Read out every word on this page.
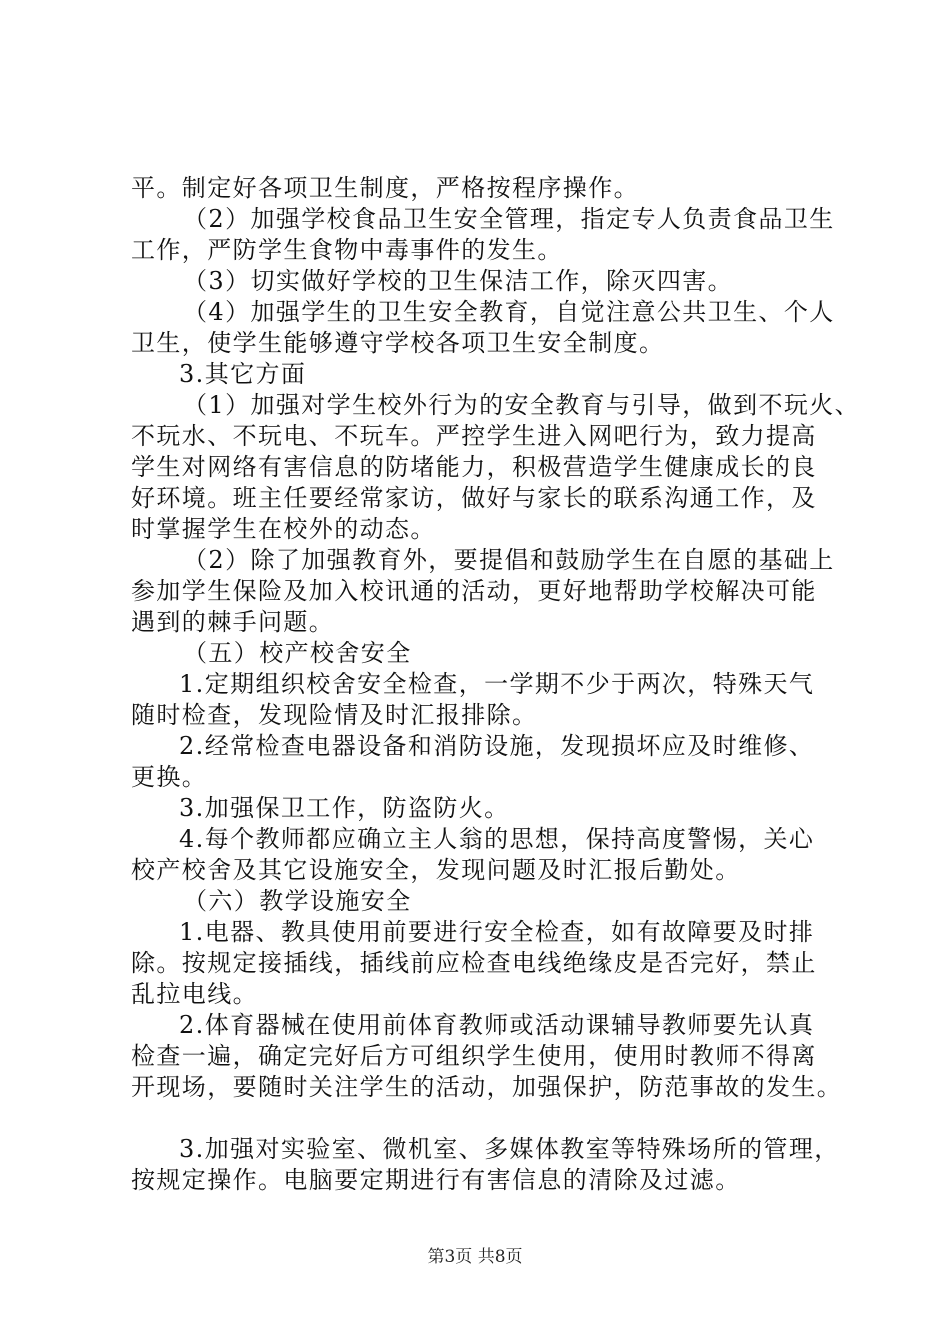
平。制定好各项卫生制度，严格按程序操作。
（2）加强学校食品卫生安全管理，指定专人负责食品卫生
工作，严防学生食物中毒事件的发生。
（3）切实做好学校的卫生保洁工作，除灭四害。
（4）加强学生的卫生安全教育，自觉注意公共卫生、个人
卫生，使学生能够遵守学校各项卫生安全制度。
3.其它方面
（1）加强对学生校外行为的安全教育与引导，做到不玩火、
不玩水、不玩电、不玩车。严控学生进入网吧行为，致力提高
学生对网络有害信息的防堵能力，积极营造学生健康成长的良
好环境。班主任要经常家访，做好与家长的联系沟通工作，及
时掌握学生在校外的动态。
（2）除了加强教育外，要提倡和鼓励学生在自愿的基础上
参加学生保险及加入校讯通的活动，更好地帮助学校解决可能
遇到的棘手问题。
（五）校产校舍安全
1.定期组织校舍安全检查，一学期不少于两次，特殊天气
随时检查，发现险情及时汇报排除。
2.经常检查电器设备和消防设施，发现损坏应及时维修、
更换。
3.加强保卫工作，防盗防火。
4.每个教师都应确立主人翁的思想，保持高度警惕，关心
校产校舍及其它设施安全，发现问题及时汇报后勤处。
（六）教学设施安全
1.电器、教具使用前要进行安全检查，如有故障要及时排
除。按规定接插线，插线前应检查电线绝缘皮是否完好，禁止
乱拉电线。
2.体育器械在使用前体育教师或活动课辅导教师要先认真
检查一遍，确定完好后方可组织学生使用，使用时教师不得离
开现场，要随时关注学生的活动，加强保护，防范事故的发生。
3.加强对实验室、微机室、多媒体教室等特殊场所的管理，
按规定操作。电脑要定期进行有害信息的清除及过滤。
第3页 共8页
